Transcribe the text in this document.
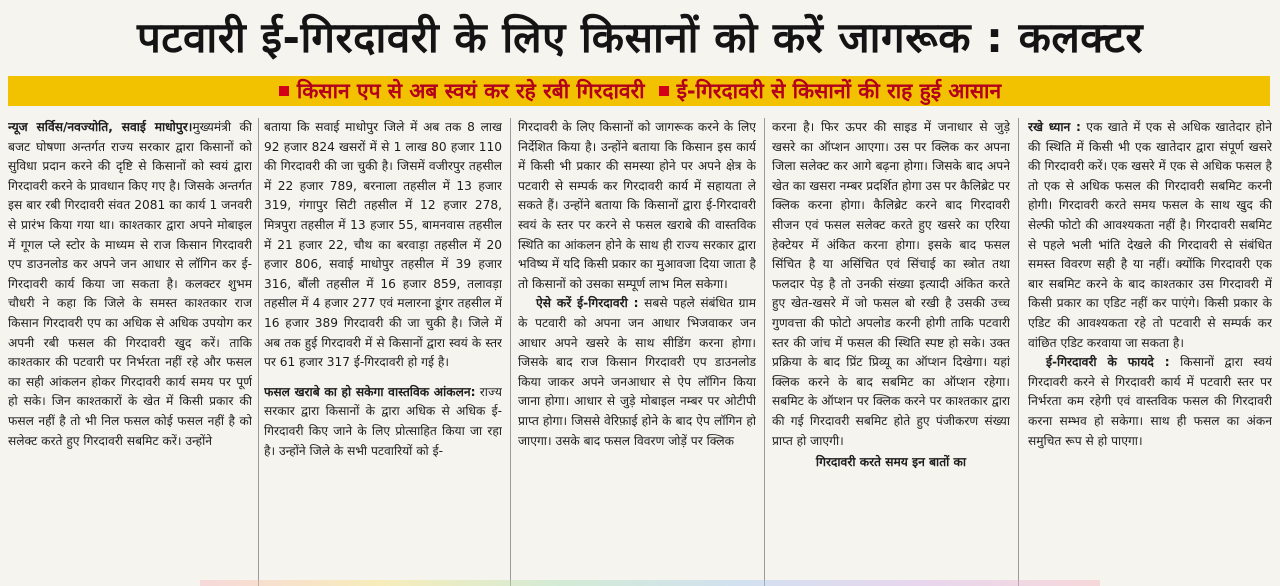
पटवारी ई-गिरदावरी के लिए किसानों को करें जागरूक : कलक्टर
किसान एप से अब स्वयं कर रहे रबी गिरदावरी ई-गिरदावरी से किसानों की राह हुई आसान

न्यूज सर्विस/नवज्योति, सवाई माधोपुर।मुख्यमंत्री की बजट घोषणा अन्तर्गत राज्य सरकार द्वारा किसानों को सुविधा प्रदान करने की दृष्टि से किसानों को स्वयं द्वारा गिरदावरी करने के प्रावधान किए गए है। जिसके अन्तर्गत इस बार रबी गिरदावरी संवत 2081 का कार्य 1 जनवरी से प्रारंभ किया गया था। काश्तकार द्वारा अपने मोबाइल में गूगल प्ले स्टोर के माध्यम से राज किसान गिरदावरी एप डाउनलोड कर अपने जन आधार से लॉगिन कर ई-गिरदावरी कार्य किया जा सकता है। कलक्टर शुभम चौधरी ने कहा कि जिले के समस्त काश्तकार राज किसान गिरदावरी एप का अधिक से अधिक उपयोग कर अपनी रबी फसल की गिरदावरी खुद करें। ताकि काश्तकार की पटवारी पर निर्भरता नहीं रहे और फसल का सही आंकलन होकर गिरदावरी कार्य समय पर पूर्ण हो सके। जिन काश्तकारों के खेत में किसी प्रकार की फसल नहीं है तो भी निल फसल कोई फसल नहीं है को सलेक्ट करते हुए गिरदावरी सबमिट करें। उन्होंने

बताया कि सवाई माधोपुर जिले में अब तक 8 लाख 92 हजार 824 खसरों में से 1 लाख 80 हजार 110 की गिरदावरी की जा चुकी है। जिसमें वजीरपुर तहसील में 22 हजार 789, बरनाला तहसील में 13 हजार 319, गंगापुर सिटी तहसील में 12 हजार 278, मित्रपुरा तहसील में 13 हजार 55, बामनवास तहसील में 21 हजार 22, चौथ का बरवाड़ा तहसील में 20 हजार 806, सवाई माधोपुर तहसील में 39 हजार 316, बौंली तहसील में 16 हजार 859, तलावड़ा तहसील में 4 हजार 277 एवं मलारना डूंगर तहसील में 16 हजार 389 गिरदावरी की जा चुकी है। जिले में अब तक हुई गिरदावरी में से किसानों द्वारा स्वयं के स्तर पर 61 हजार 317 ई-गिरदावरी हो गई है।

फसल खराबे का हो सकेगा वास्तविक आंकलन: राज्य सरकार द्वारा किसानों के द्वारा अधिक से अधिक ई-गिरदावरी किए जाने के लिए प्रोत्साहित किया जा रहा है। उन्होंने जिले के सभी पटवारियों को ई-

गिरदावरी के लिए किसानों को जागरूक करने के लिए निर्देशित किया है। उन्होंने बताया कि किसान इस कार्य में किसी भी प्रकार की समस्या होने पर अपने क्षेत्र के पटवारी से सम्पर्क कर गिरदावरी कार्य में सहायता ले सकते हैं। उन्होंने बताया कि किसानों द्वारा ई-गिरदावरी स्वयं के स्तर पर करने से फसल खराबे की वास्तविक स्थिति का आंकलन होने के साथ ही राज्य सरकार द्वारा भविष्य में यदि किसी प्रकार का मुआवजा दिया जाता है तो किसानों को उसका सम्पूर्ण लाभ मिल सकेगा।

ऐसे करें ई-गिरदावरी : सबसे पहले संबंधित ग्राम के पटवारी को अपना जन आधार भिजवाकर जन आधार अपने खसरे के साथ सीडिंग करना होगा। जिसके बाद राज किसान गिरदावरी एप डाउनलोड किया जाकर अपने जनआधार से ऐप लॉगिन किया जाना होगा। आधार से जुड़े मोबाइल नम्बर पर ओटीपी प्राप्त होगा। जिससे वेरिफ़ाई होने के बाद ऐप लॉगिन हो जाएगा। उसके बाद फसल विवरण जोड़ें पर क्लिक

करना है। फिर ऊपर की साइड में जनाधार से जुड़े खसरे का ऑप्शन आएगा। उस पर क्लिक कर अपना जिला सलेक्ट कर आगे बढ़ना होगा। जिसके बाद अपने खेत का खसरा नम्बर प्रदर्शित होगा उस पर कैलिब्रेट पर क्लिक करना होगा। कैलिब्रेट करने बाद गिरदावरी सीजन एवं फसल सलेक्ट करते हुए खसरे का एरिया हेक्टेयर में अंकित करना होगा। इसके बाद फसल सिंचित है या असिंचित एवं सिंचाई का स्त्रोत तथा फलदार पेड़ है तो उनकी संख्या इत्यादी अंकित करते हुए खेत-खसरे में जो फसल बो रखी है उसकी उच्च गुणवत्ता की फोटो अपलोड करनी होगी ताकि पटवारी स्तर की जांच में फसल की स्थिति स्पष्ट हो सके। उक्त प्रक्रिया के बाद प्रिंट प्रिव्यू का ऑप्शन दिखेगा। यहां क्लिक करने के बाद सबमिट का ऑप्शन रहेगा। सबमिट के ऑप्शन पर क्लिक करने पर काश्तकार द्वारा की गई गिरदावरी सबमिट होते हुए पंजीकरण संख्या प्राप्त हो जाएगी।

गिरदावरी करते समय इन बातों का

रखे ध्यान : एक खाते में एक से अधिक खातेदार होने की स्थिति में किसी भी एक खातेदार द्वारा संपूर्ण खसरे की गिरदावरी करें। एक खसरे में एक से अधिक फसल है तो एक से अधिक फसल की गिरदावरी सबमिट करनी होगी। गिरदावरी करते समय फसल के साथ खुद की सेल्फी फोटो की आवश्यकता नहीं है। गिरदावरी सबमिट से पहले भली भांति देखले की गिरदावरी से संबंधित समस्त विवरण सही है या नहीं। क्योंकि गिरदावरी एक बार सबमिट करने के बाद काश्तकार उस गिरदावरी में किसी प्रकार का एडिट नहीं कर पाएंगे। किसी प्रकार के एडिट की आवश्यकता रहे तो पटवारी से सम्पर्क कर वांछित एडिट करवाया जा सकता है।

ई-गिरदावरी के फायदे : किसानों द्वारा स्वयं गिरदावरी करने से गिरदावरी कार्य में पटवारी स्तर पर निर्भरता कम रहेगी एवं वास्तविक फसल की गिरदावरी करना सम्भव हो सकेगा। साथ ही फसल का अंकन समुचित रूप से हो पाएगा।
